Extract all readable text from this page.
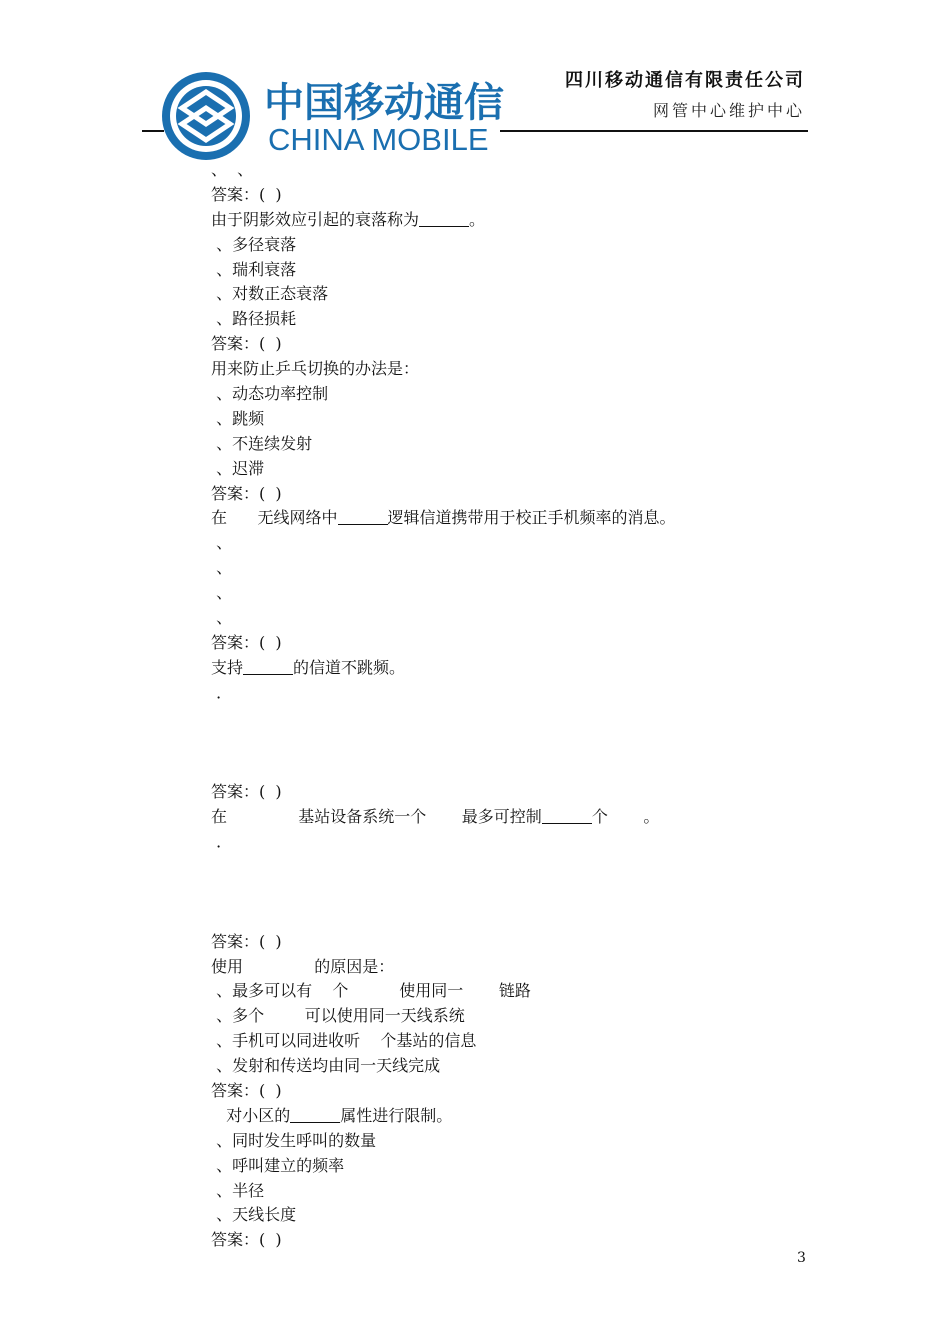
中国移动通信
CHINA MOBILE
四川移动通信有限责任公司
网管中心维护中心
、  、
答案：(  )
由于阴影效应引起的衰落称为	。
、多径衰落
、瑞利衰落
、对数正态衰落
、路径损耗
答案：(  )
用来防止乒乓切换的办法是：
、动态功率控制
、跳频
、不连续发射
、迟滞
答案：(  )
在      无线网络中	逻辑信道携带用于校正手机频率的消息。
、
、
、
、
答案：(  )
支持	的信道不跳频。
．
答案：(  )
在              基站设备系统一个       最多可控制	个       。
．
答案：(  )
使用              的原因是：
、最多可以有    个          使用同一       链路
、多个        可以使用同一天线系统
、手机可以同进收听    个基站的信息
、发射和传送均由同一天线完成
答案：(  )
对小区的	属性进行限制。
、同时发生呼叫的数量
、呼叫建立的频率
、半径
、天线长度
答案：(  )
3
